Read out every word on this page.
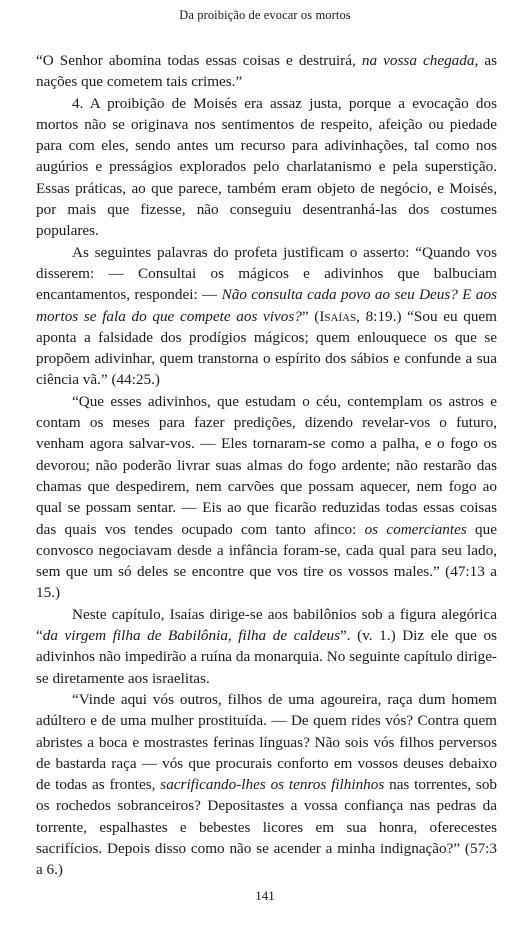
Da proibição de evocar os mortos

“O Senhor abomina todas essas coisas e destruirá, na vossa chegada, as nações que cometem tais crimes.”

4. A proibição de Moisés era assaz justa, porque a evocação dos mortos não se originava nos sentimentos de respeito, afeição ou piedade para com eles, sendo antes um recurso para adivinhações, tal como nos augúrios e presságios explorados pelo charlatanismo e pela superstição. Essas práticas, ao que parece, também eram objeto de negócio, e Moisés, por mais que fizesse, não conseguiu desentranhá-las dos costumes populares.

As seguintes palavras do profeta justificam o asserto: “Quando vos disserem: — Consultai os mágicos e adivinhos que balbuciam encantamentos, respondei: — Não consulta cada povo ao seu Deus? E aos mortos se fala do que compete aos vivos?” (Isaías, 8:19.) “Sou eu quem aponta a falsidade dos prodígios mágicos; quem enlouquece os que se propõem adivinhar, quem transtorna o espírito dos sábios e confunde a sua ciência vã.” (44:25.)

“Que esses adivinhos, que estudam o céu, contemplam os astros e contam os meses para fazer predições, dizendo revelar-vos o futuro, venham agora salvar-vos. — Eles tornaram-se como a palha, e o fogo os devorou; não poderão livrar suas almas do fogo ardente; não restarão das chamas que despedirem, nem carvões que possam aquecer, nem fogo ao qual se possam sentar. — Eis ao que ficarão reduzidas todas essas coisas das quais vos tendes ocupado com tanto afinco: os comerciantes que convosco negociavam desde a infância foram-se, cada qual para seu lado, sem que um só deles se encontre que vos tire os vossos males.” (47:13 a 15.)

Neste capítulo, Isaías dirige-se aos babilônios sob a figura alegórica “da virgem filha de Babilônia, filha de caldeus”. (v. 1.) Diz ele que os adivinhos não impedirão a ruína da monarquia. No seguinte capítulo dirige-se diretamente aos israelitas.

“Vinde aqui vós outros, filhos de uma agoureira, raça dum homem adúltero e de uma mulher prostituída. — De quem rides vós? Contra quem abristes a boca e mostrastes ferinas línguas? Não sois vós filhos perversos de bastarda raça — vós que procurais conforto em vossos deuses debaixo de todas as frontes, sacrificando-lhes os tenros filhinhos nas torrentes, sob os rochedos sobranceiros? Depositastes a vossa confiança nas pedras da torrente, espalhastes e bebestes licores em sua honra, oferecestes sacrifícios. Depois disso como não se acender a minha indignação?” (57:3 a 6.)

141
